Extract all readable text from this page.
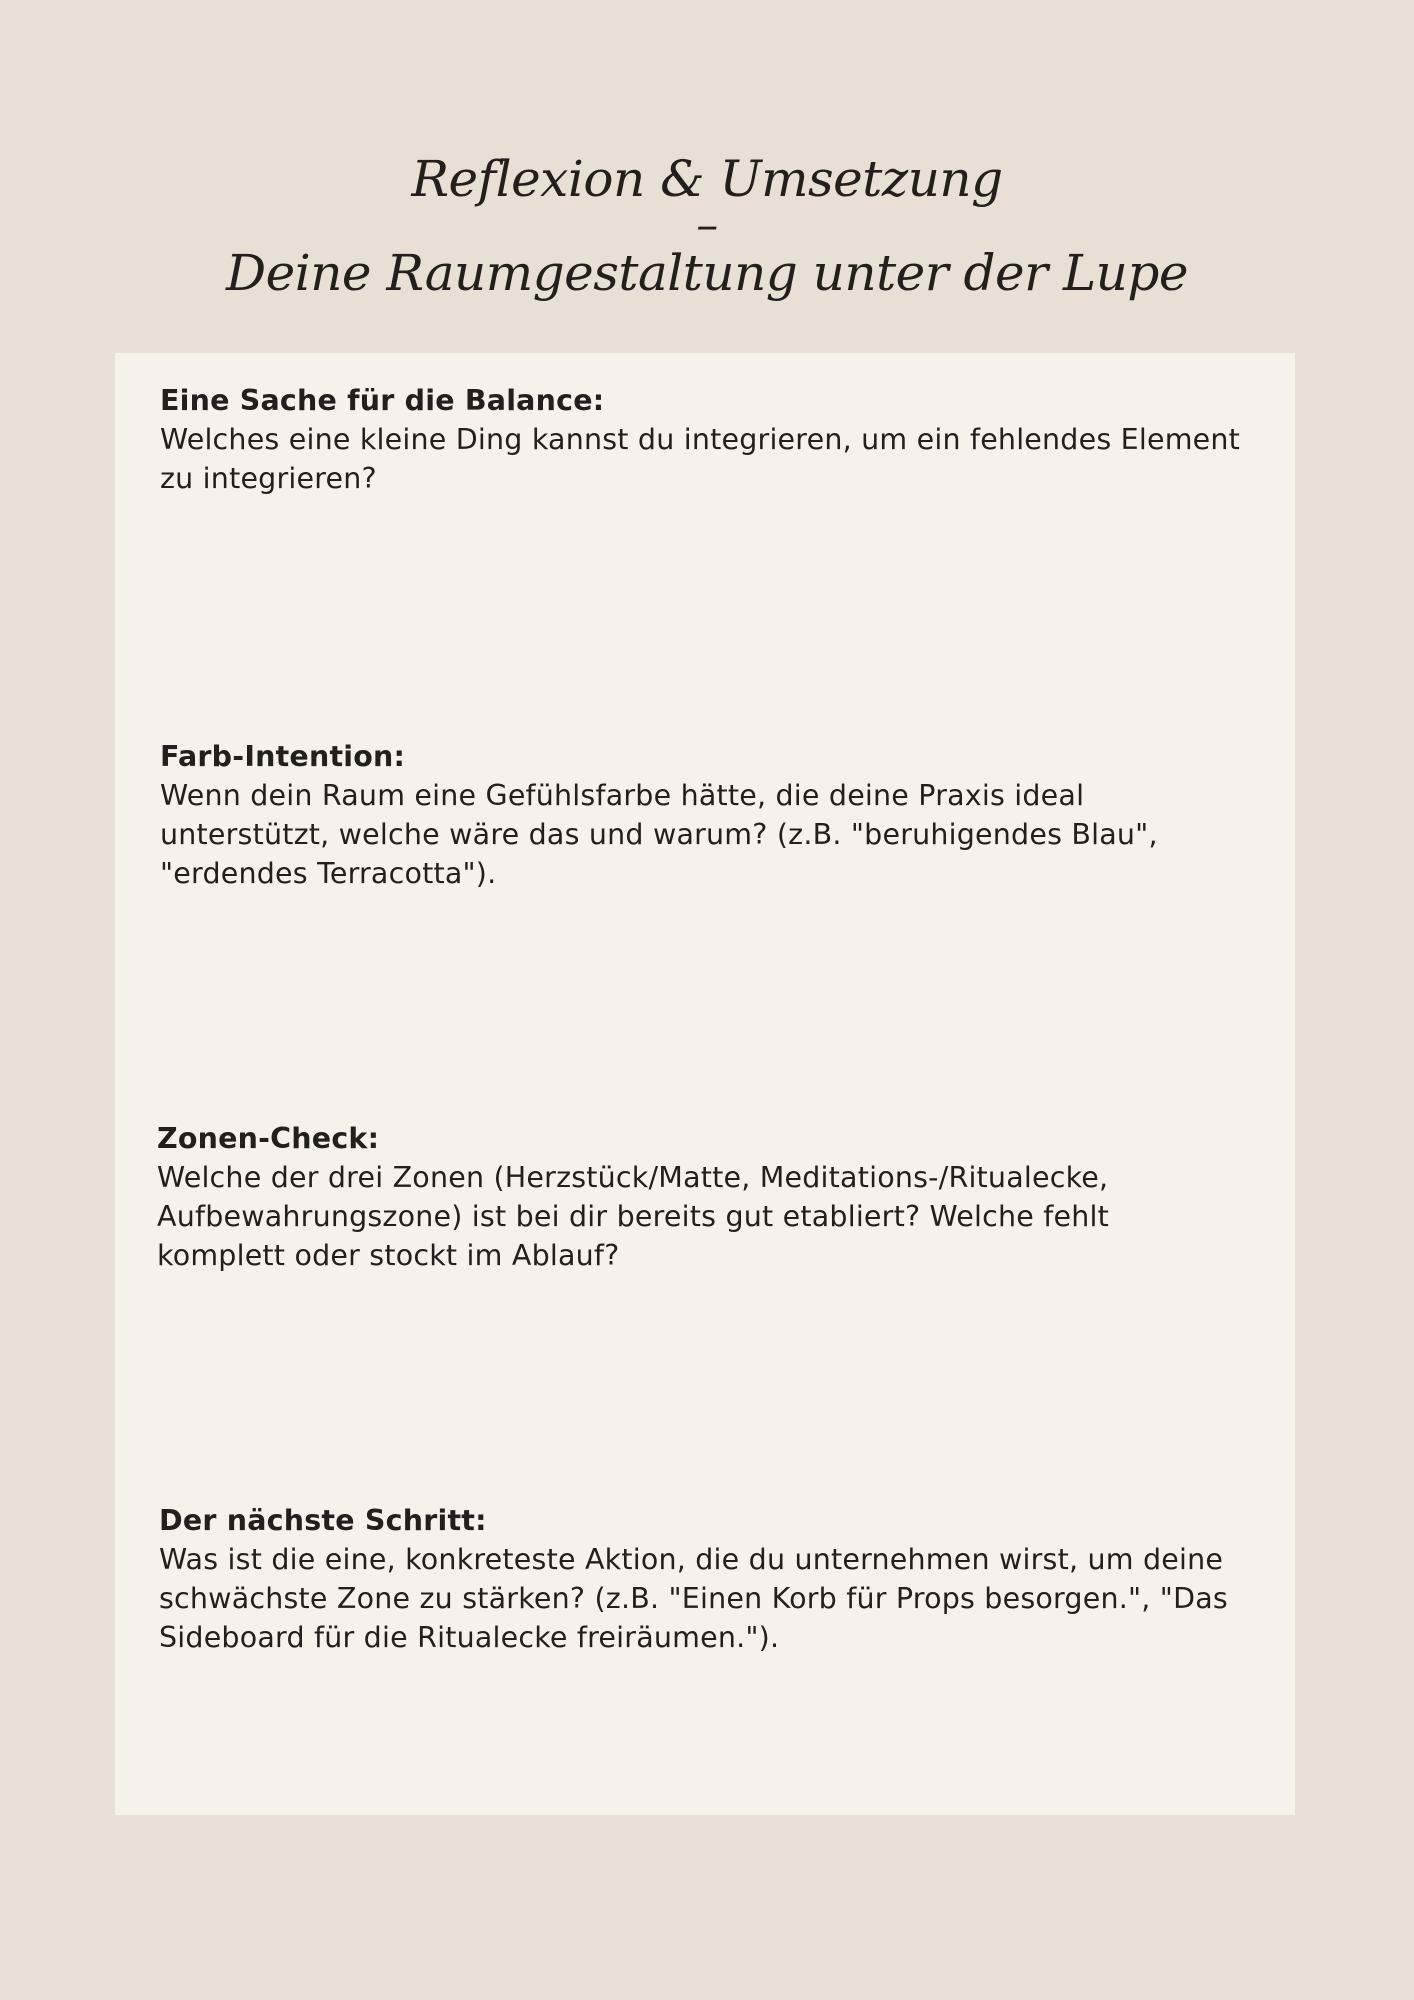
Reflexion & Umsetzung
–
Deine Raumgestaltung unter der Lupe
Eine Sache für die Balance:
Welches eine kleine Ding kannst du integrieren, um ein fehlendes Element
zu integrieren?
Farb-Intention:
Wenn dein Raum eine Gefühlsfarbe hätte, die deine Praxis ideal
unterstützt, welche wäre das und warum? (z.B. "beruhigendes Blau",
"erdendes Terracotta").
Zonen-Check:
Welche der drei Zonen (Herzstück/Matte, Meditations-/Ritualecke,
Aufbewahrungszone) ist bei dir bereits gut etabliert? Welche fehlt
komplett oder stockt im Ablauf?
Der nächste Schritt:
Was ist die eine, konkreteste Aktion, die du unternehmen wirst, um deine
schwächste Zone zu stärken? (z.B. "Einen Korb für Props besorgen.", "Das
Sideboard für die Ritualecke freiräumen.").
